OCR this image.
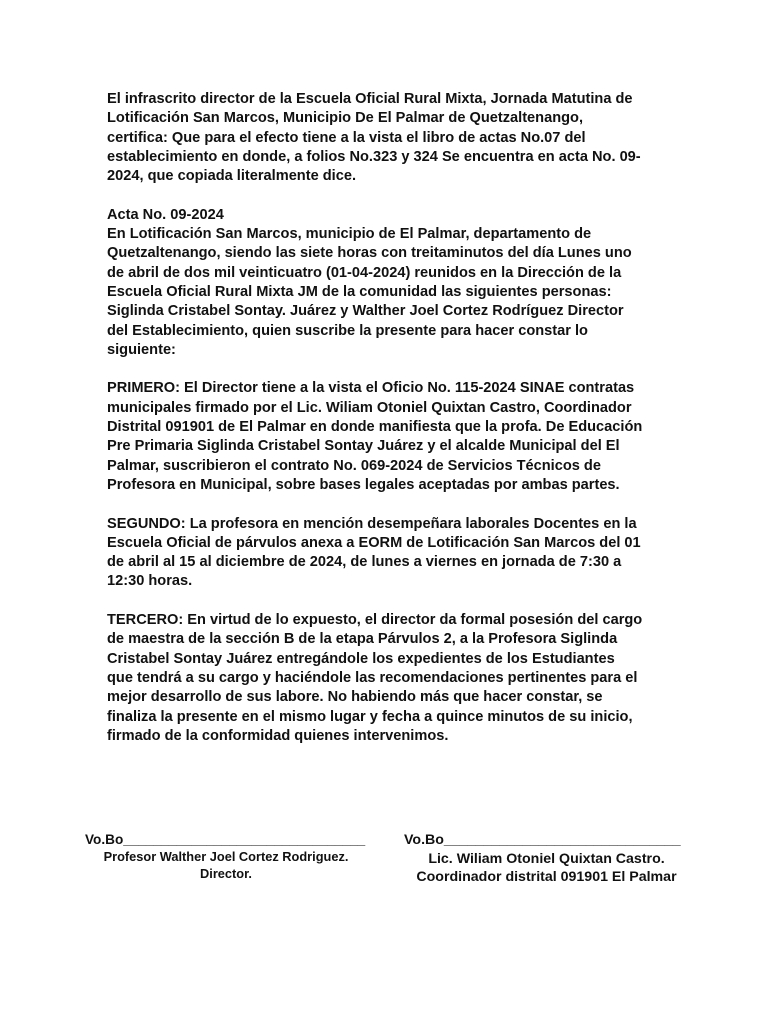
El infrascrito director de la Escuela Oficial Rural Mixta, Jornada Matutina de
Lotificación San Marcos, Municipio De El Palmar de Quetzaltenango,
certifica: Que para el efecto tiene a la vista el libro de actas No.07 del
establecimiento en donde, a folios No.323 y 324 Se encuentra en acta No. 09-
2024, que copiada literalmente dice.

Acta No. 09-2024

En Lotificación San Marcos, municipio de El Palmar, departamento de
Quetzaltenango, siendo las siete horas con treitaminutos del día Lunes uno
de abril de dos mil veinticuatro (01-04-2024) reunidos en la Dirección de la
Escuela Oficial Rural Mixta JM de la comunidad las siguientes personas:
Siglinda Cristabel Sontay. Juárez y Walther Joel Cortez Rodríguez Director
del Establecimiento, quien suscribe la presente para hacer constar lo
siguiente:

PRIMERO: El Director tiene a la vista el Oficio No. 115-2024 SINAE contratas
municipales firmado por el Lic. Wiliam Otoniel Quixtan Castro, Coordinador
Distrital 091901 de El Palmar en donde manifiesta que la profa. De Educación
Pre Primaria Siglinda Cristabel Sontay Juárez y el alcalde Municipal del El
Palmar, suscribieron el contrato No. 069-2024 de Servicios Técnicos de
Profesora en Municipal, sobre bases legales aceptadas por ambas partes.

SEGUNDO: La profesora en mención desempeñara laborales Docentes en la
Escuela Oficial de párvulos anexa a EORM de Lotificación San Marcos del 01
de abril al 15 al diciembre de 2024, de lunes a viernes en jornada de 7:30 a
12:30 horas.

TERCERO: En virtud de lo expuesto, el director da formal posesión del cargo
de maestra de la sección B de la etapa Párvulos 2, a la Profesora Siglinda
Cristabel Sontay Juárez entregándole los expedientes de los Estudiantes
que tendrá a su cargo y haciéndole las recomendaciones pertinentes para el
mejor desarrollo de sus labore. No habiendo más que hacer constar, se
finaliza la presente en el mismo lugar y fecha a quince minutos de su inicio,
firmado de la conformidad quienes intervenimos.

Vo.Bo________________________________
Profesor Walther Joel Cortez Rodriguez.
Director.
Vo.Bo______________________________
Lic. Wiliam Otoniel Quixtan Castro.
Coordinador distrital 091901 El Palmar
